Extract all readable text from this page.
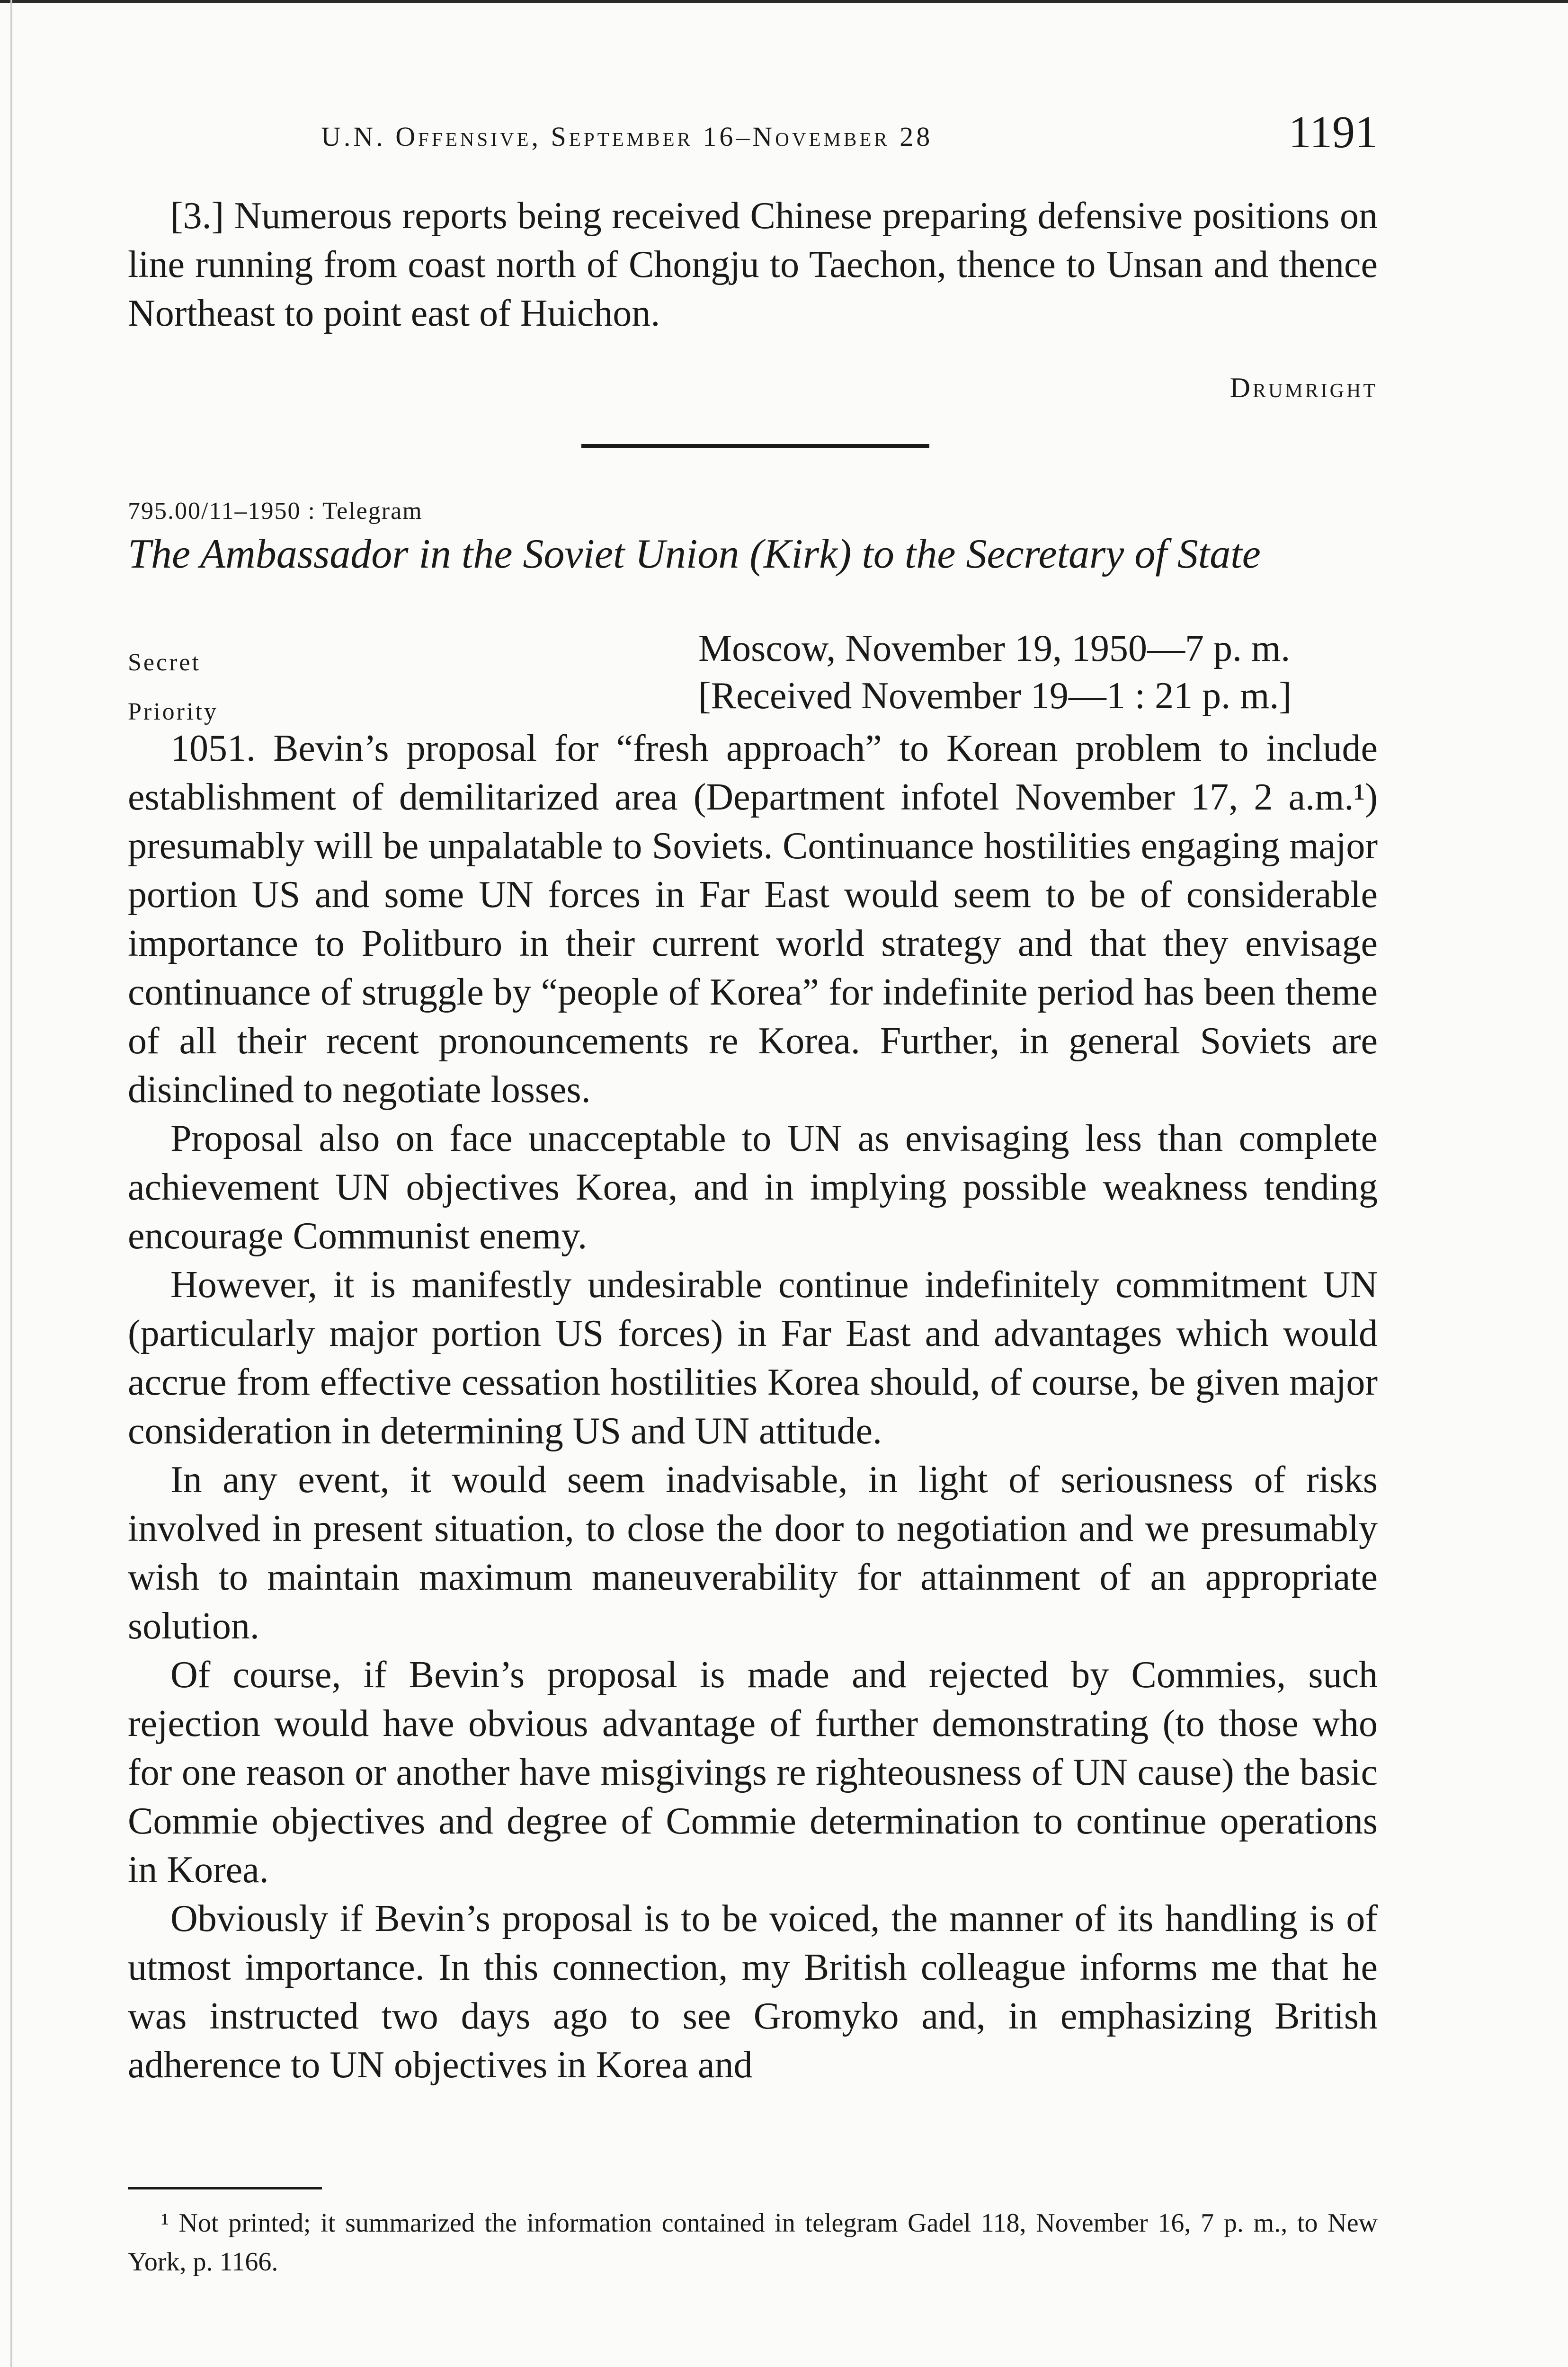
U.N. Offensive, September 16–November 28	1191
[3.] Numerous reports being received Chinese preparing defensive positions on line running from coast north of Chongju to Taechon, thence to Unsan and thence Northeast to point east of Huichon.
Drumright
795.00/11–1950 : Telegram
The Ambassador in the Soviet Union (Kirk) to the Secretary of State
Secret
Priority
Moscow, November 19, 1950—7 p. m.
[Received November 19—1 : 21 p. m.]

1051. Bevin’s proposal for “fresh approach” to Korean problem to include establishment of demilitarized area (Department infotel November 17, 2 a.m.¹) presumably will be unpalatable to Soviets. Continuance hostilities engaging major portion US and some UN forces in Far East would seem to be of considerable importance to Politburo in their current world strategy and that they envisage continuance of struggle by “people of Korea” for indefinite period has been theme of all their recent pronouncements re Korea. Further, in general Soviets are disinclined to negotiate losses.

Proposal also on face unacceptable to UN as envisaging less than complete achievement UN objectives Korea, and in implying possible weakness tending encourage Communist enemy.

However, it is manifestly undesirable continue indefinitely commitment UN (particularly major portion US forces) in Far East and advantages which would accrue from effective cessation hostilities Korea should, of course, be given major consideration in determining US and UN attitude.

In any event, it would seem inadvisable, in light of seriousness of risks involved in present situation, to close the door to negotiation and we presumably wish to maintain maximum maneuverability for attainment of an appropriate solution.

Of course, if Bevin’s proposal is made and rejected by Commies, such rejection would have obvious advantage of further demonstrating (to those who for one reason or another have misgivings re righteousness of UN cause) the basic Commie objectives and degree of Commie determination to continue operations in Korea.

Obviously if Bevin’s proposal is to be voiced, the manner of its handling is of utmost importance. In this connection, my British colleague informs me that he was instructed two days ago to see Gromyko and, in emphasizing British adherence to UN objectives in Korea and

¹ Not printed; it summarized the information contained in telegram Gadel 118, November 16, 7 p. m., to New York, p. 1166.
